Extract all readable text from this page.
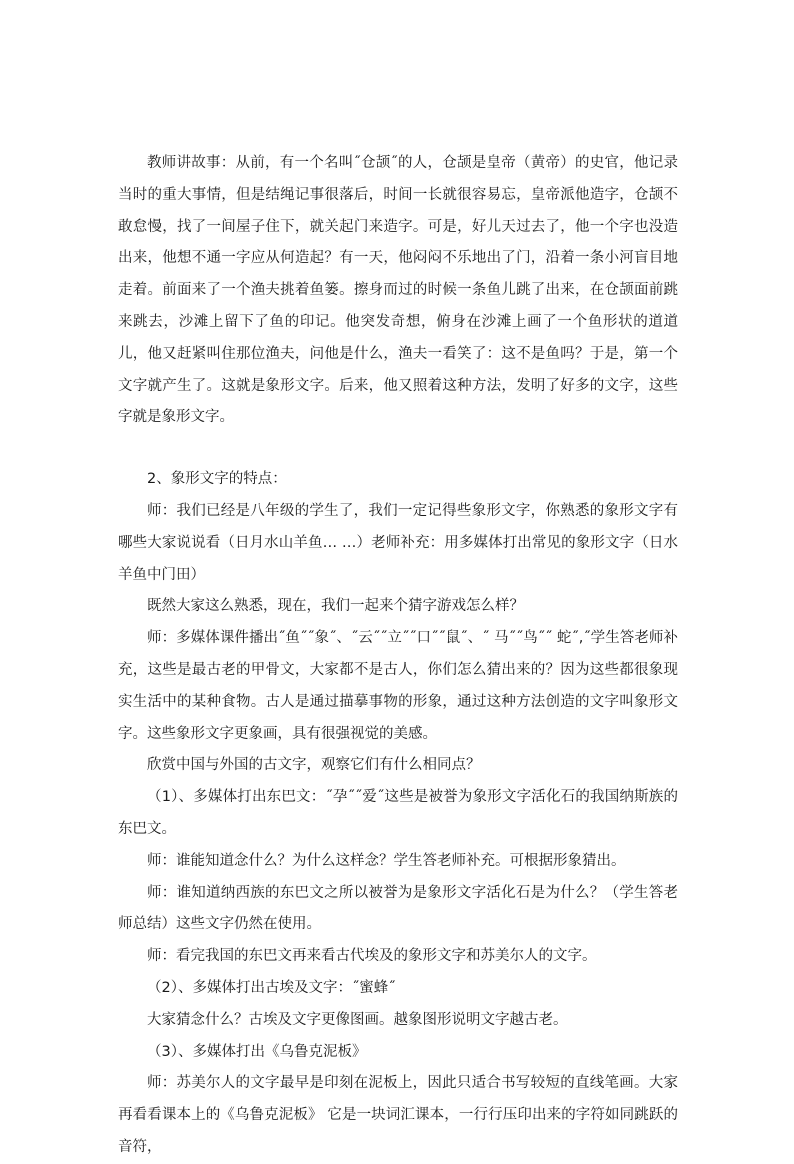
教师讲故事：从前，有一个名叫˝仓颉˝的人，仓颉是皇帝（黄帝）的史官，他记录当时的重大事情，但是结绳记事很落后，时间一长就很容易忘，皇帝派他造字，仓颉不敢怠慢，找了一间屋子住下，就关起门来造字。可是，好儿天过去了，他一个字也没造出来，他想不通一字应从何造起？有一天，他闷闷不乐地出了门，沿着一条小河盲目地走着。前面来了一个渔夫挑着鱼篓。擦身而过的时候一条鱼儿跳了出来，在仓颉面前跳来跳去，沙滩上留下了鱼的印记。他突发奇想，俯身在沙滩上画了一个鱼形状的道道儿，他又赶紧叫住那位渔夫，问他是什么，渔夫一看笑了：这不是鱼吗？于是，第一个文字就产生了。这就是象形文字。后来，他又照着这种方法，发明了好多的文字，这些字就是象形文字。

2、象形文字的特点：

师：我们已经是八年级的学生了，我们一定记得些象形文字，你熟悉的象形文字有哪些大家说说看（日月水山羊鱼… …）老师补充：用多媒体打出常见的象形文字（日水羊鱼中门田）

既然大家这么熟悉，现在，我们一起来个猜字游戏怎么样？

师：多媒体课件播出˝鱼˝˝象˝、˝云˝˝立˝˝口˝˝鼠˝、˝ 马˝˝鸟˝˝ 蛇˝,˝学生答老师补充，这些是最古老的甲骨文，大家都不是古人，你们怎么猜出来的？因为这些都很象现实生活中的某种食物。古人是通过描摹事物的形象，通过这种方法创造的文字叫象形文字。这些象形文字更象画，具有很强视觉的美感。

欣赏中国与外国的古文字，观察它们有什么相同点？

（1）、多媒体打出东巴文：˝孕˝˝爱˝这些是被誉为象形文字活化石的我国纳斯族的东巴文。

师：谁能知道念什么？为什么这样念？学生答老师补充。可根据形象猜出。

师：谁知道纳西族的东巴文之所以被誉为是象形文字活化石是为什么？（学生答老师总结）这些文字仍然在使用。

师：看完我国的东巴文再来看古代埃及的象形文字和苏美尔人的文字。

（2）、多媒体打出古埃及文字：˝蜜蜂˝

大家猜念什么？古埃及文字更像图画。越象图形说明文字越古老。

（3）、多媒体打出《乌鲁克泥板》

师：苏美尔人的文字最早是印刻在泥板上，因此只适合书写较短的直线笔画。大家再看看课本上的《乌鲁克泥板》 它是一块词汇课本，一行行压印出来的字符如同跳跃的音符，
